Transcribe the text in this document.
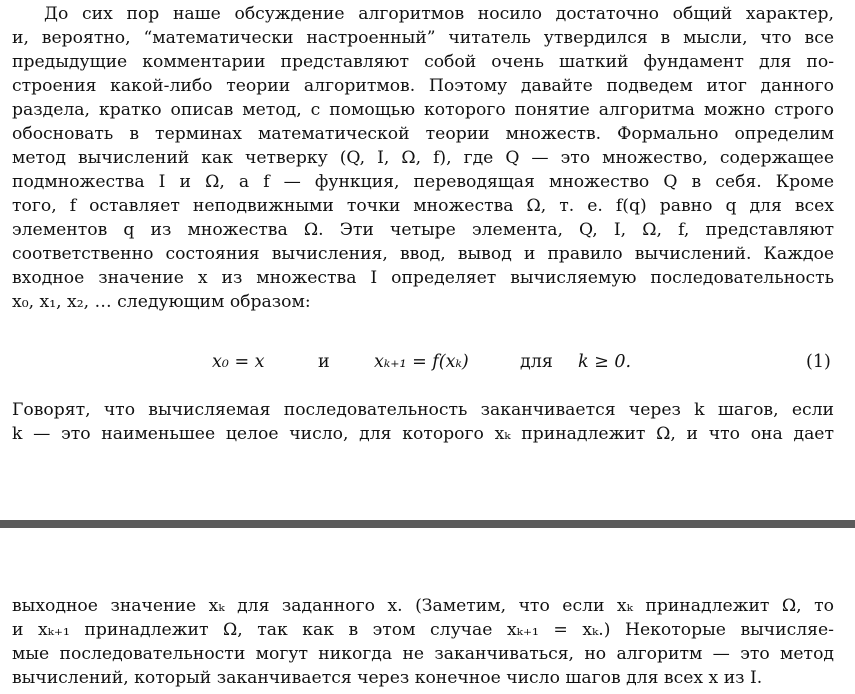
До сих пор наше обсуждение алгоритмов носило достаточно общий характер,
и, вероятно, “математически настроенный” читатель утвердился в мысли, что все
предыдущие комментарии представляют собой очень шаткий фундамент для по-
строения какой-либо теории алгоритмов. Поэтому давайте подведем итог данного
раздела, кратко описав метод, с помощью которого понятие алгоритма можно строго
обосновать в терминах математической теории множеств. Формально определим
метод вычислений как четверку (Q, I, Ω, f), где Q — это множество, содержащее
подмножества I и Ω, а f — функция, переводящая множество Q в себя. Кроме
того, f оставляет неподвижными точки множества Ω, т. е. f(q) равно q для всех
элементов q из множества Ω. Эти четыре элемента, Q, I, Ω, f, представляют
соответственно состояния вычисления, ввод, вывод и правило вычислений. Каждое
входное значение x из множества I определяет вычисляемую последовательность
x₀, x₁, x₂, … следующим образом:
x₀ = x	и	xₖ₊₁ = f(xₖ)	для k ≥ 0.	(1)
Говорят, что вычисляемая последовательность заканчивается через k шагов, если
k — это наименьшее целое число, для которого xₖ принадлежит Ω, и что она дает
выходное значение xₖ для заданного x. (Заметим, что если xₖ принадлежит Ω, то
и xₖ₊₁ принадлежит Ω, так как в этом случае xₖ₊₁ = xₖ.) Некоторые вычисляе-
мые последовательности могут никогда не заканчиваться, но алгоритм — это метод
вычислений, который заканчивается через конечное число шагов для всех x из I.
